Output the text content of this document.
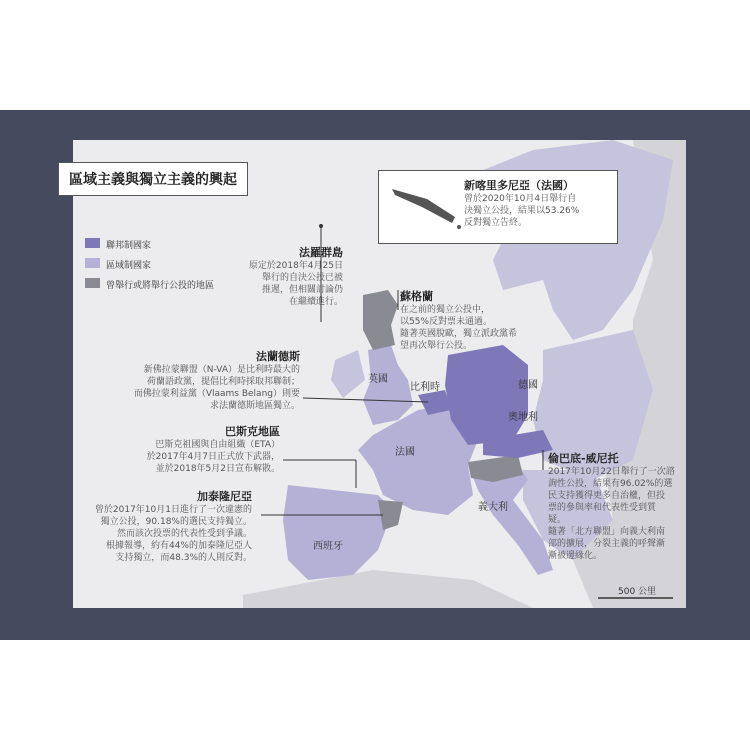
新喀里多尼亞（法國）
曾於2020年10月4日舉行自
決獨立公投，結果以53.26%
反對獨立告終。
區域主義與獨立主義的興起
聯邦制國家
區域制國家
曾舉行或將舉行公投的地區
法羅群島
原定於2018年4月25日
舉行的自決公投已被
推遲，但相關討論仍
在繼續進行。	蘇格蘭
在之前的獨立公投中，
以55%反對票未通過。
隨著英國脫歐，獨立派政黨希
望再次舉行公投。
法蘭德斯
新佛拉蒙聯盟（N-VA）是比利時最大的
荷蘭語政黨，提倡比利時採取邦聯制；
而佛拉蒙利益黨（Vlaams Belang）則要
求法蘭德斯地區獨立。
巴斯克地區
巴斯克祖國與自由組織（ETA）
於2017年4月7日正式放下武器，
並於2018年5月2日宣布解散。
加泰隆尼亞
曾於2017年10月1日進行了一次違憲的
獨立公投，90.18%的選民支持獨立。
然而該次投票的代表性受到爭議。
根據報導，約有44%的加泰隆尼亞人
支持獨立，而48.3%的人則反對。
倫巴底-威尼托
2017年10月22日舉行了一次諮
詢性公投，結果有96.02%的選
民支持獲得更多自治權，但投
票的參與率和代表性受到質
疑。
隨著「北方聯盟」向義大利南
部的擴展，分裂主義的呼聲漸
漸被邊緣化。
英國
比利時	德國
奧地利
法國
義大利
西班牙
500 公里
